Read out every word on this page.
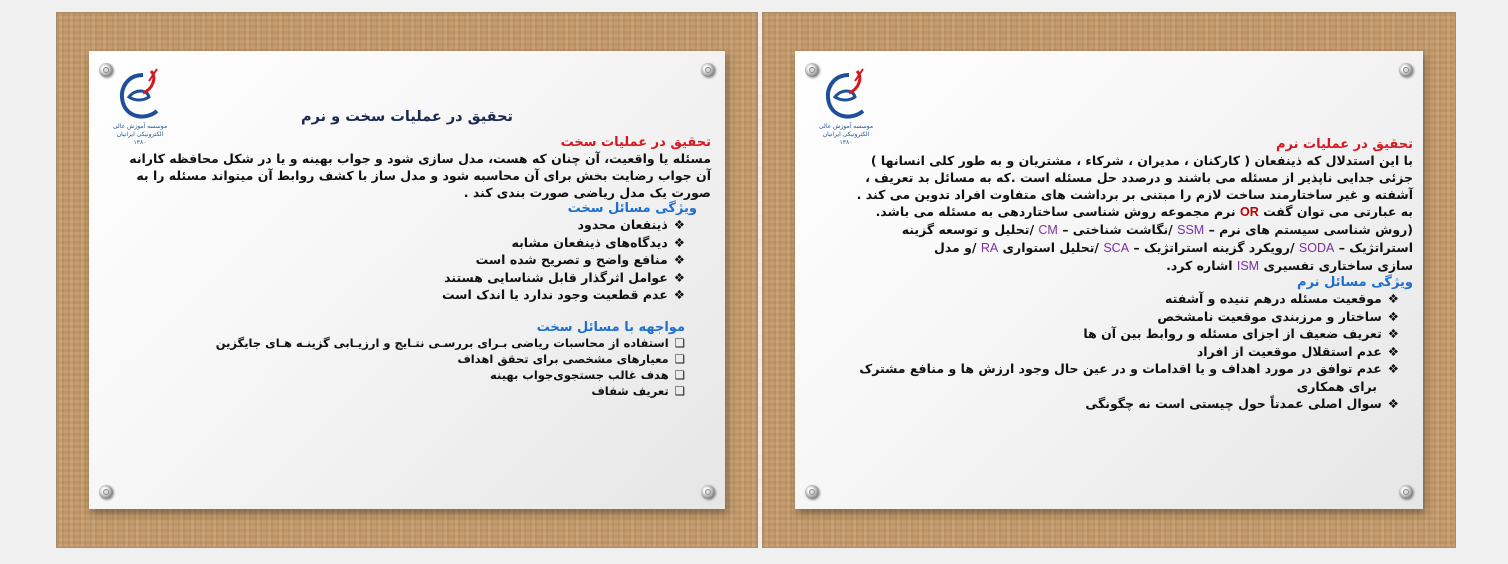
موسسه آموزش عالی الکترونیکی ایرانیان
۱۳۸۰
تحقیق در عملیات سخت و نرم
تحقیق در عملیات سخت
مسئله یا واقعیت، آن چنان که هست، مدل سازی شود و جواب بهینه و یا در شکل محافظه کارانه
آن جواب رضایت بخش برای آن محاسبه شود و مدل ساز با کشف روابط آن میتواند مسئله را به
صورت یک مدل ریاضی صورت بندی کند .
ویژگی مسائل سخت
❖ذینفعان محدود
❖دیدگاه‌های ذینفعان مشابه
❖منافع واضح و تصریح شده است
❖عوامل اثرگذار قابل شناسایی هستند
❖عدم قطعیت وجود ندارد یا اندک است
مواجهه با مسائل سخت
❑استفاده از محاسبات ریاضی بـرای بررسـی نتـایج و ارزیـابی گزینـه هـای جایگزین
❑معیارهای مشخصی برای تحقق اهداف
❑هدف غالب جستجوی‌جواب بهینه
❑تعریف شفاف
موسسه آموزش عالی الکترونیکی ایرانیان
۱۳۸۰	تحقیق در عملیات نرم
با این استدلال که ذینفعان ( کارکنان ، مدیران ، شرکاء ، مشتریان و به طور کلی انسانها )
جزئی جدایی ناپذیر از مسئله می باشند و درصدد حل مسئله است .که به مسائل بد تعریف ،
آشفته و غیر ساختارمند ساخت لازم را مبتنی بر برداشت های متفاوت افراد تدوین می کند .
به عبارتی می توان گفت OR نرم مجموعه روش شناسی ساختاردهی به مسئله می باشد.
(روش شناسی سیستم های نرم – SSM /نگاشت شناختی – CM /تحلیل و توسعه گزینه
استراتژیک – SODA /رویکرد گزینه استراتژیک – SCA /تحلیل استواری RA /و مدل
سازی ساختاری تفسیری ISM اشاره کرد.
ویژگی مسائل نرم
❖موقعیت مسئله درهم تنیده و آشفته
❖ساختار و مرزبندی موقعیت نامشخص
❖تعریف ضعیف از اجزای مسئله و روابط بین آن ها
❖عدم استقلال موقعیت از افراد
❖عدم توافق در مورد اهداف و یا اقدامات و در عین حال وجود ارزش ها و منافع مشترک
برای همکاری
❖سوال اصلی عمدتاً حول چیستی است نه چگونگی
